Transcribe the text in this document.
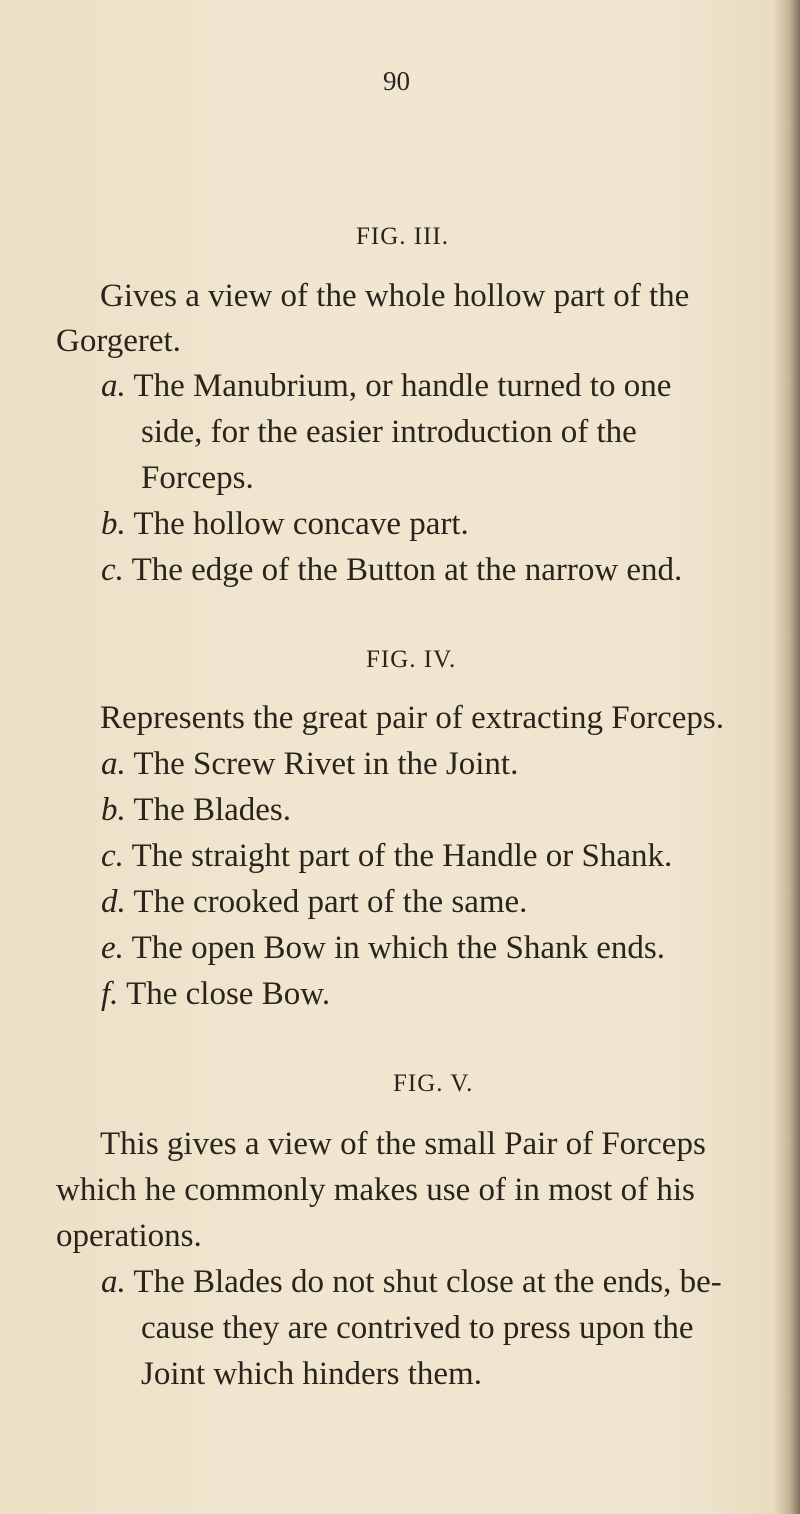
90
FIG. III.
Gives a view of the whole hollow part of the
Gorgeret.
a. The Manubrium, or handle turned to one
side, for the easier introduction of the
Forceps.
b. The hollow concave part.
c. The edge of the Button at the narrow end.
FIG. IV.
Represents the great pair of extracting Forceps.
a. The Screw Rivet in the Joint.
b. The Blades.
c. The straight part of the Handle or Shank.
d. The crooked part of the same.
e. The open Bow in which the Shank ends.
f. The close Bow.
FIG. V.
This gives a view of the small Pair of Forceps
which he commonly makes use of in most of his
operations.
a. The Blades do not shut close at the ends, be-
cause they are contrived to press upon the
Joint which hinders them.
